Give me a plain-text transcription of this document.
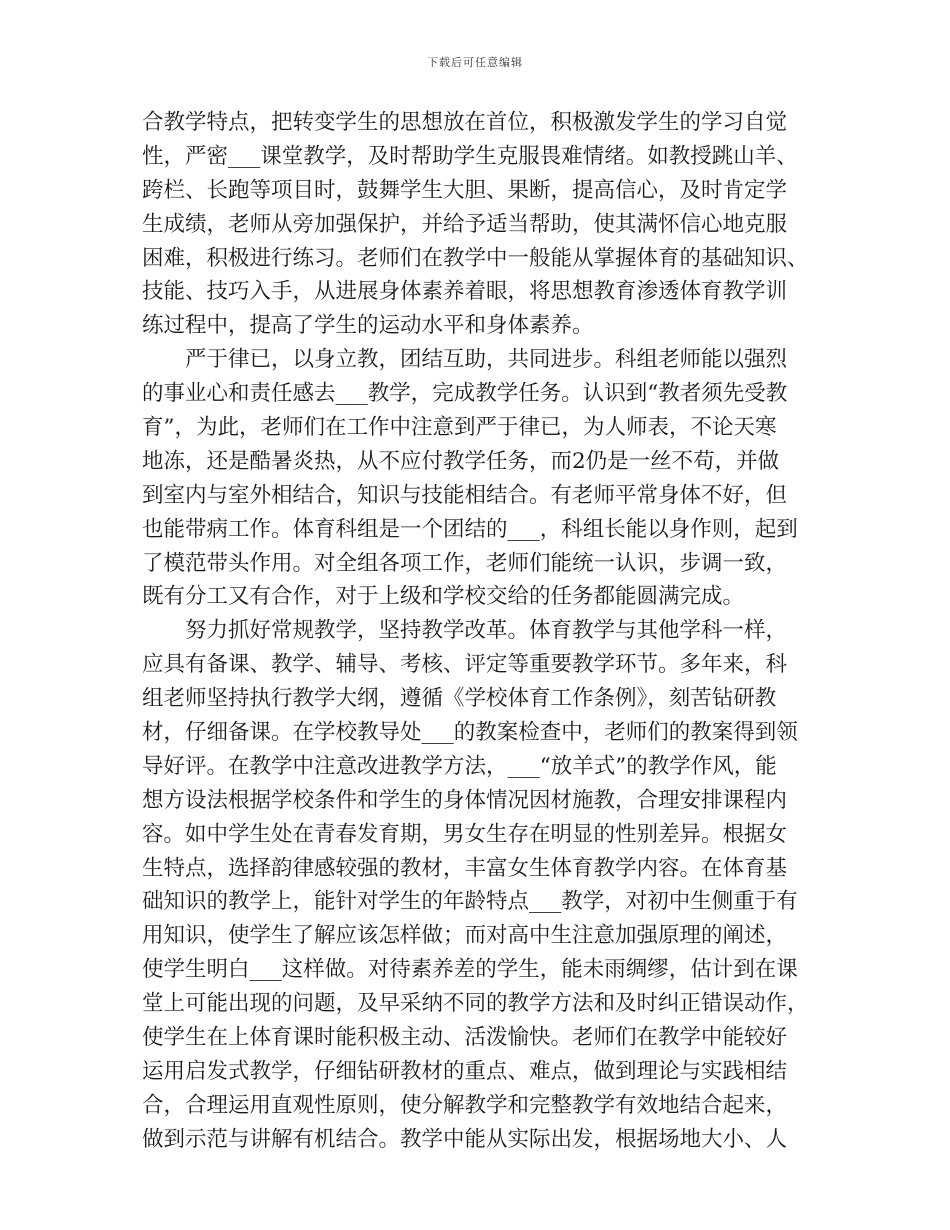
下载后可任意编辑
合教学特点，把转变学生的思想放在首位，积极激发学生的学习自觉
性，严密___课堂教学，及时帮助学生克服畏难情绪。如教授跳山羊、
跨栏、长跑等项目时，鼓舞学生大胆、果断，提高信心，及时肯定学
生成绩，老师从旁加强保护，并给予适当帮助，使其满怀信心地克服
困难，积极进行练习。老师们在教学中一般能从掌握体育的基础知识、
技能、技巧入手，从进展身体素养着眼，将思想教育渗透体育教学训
练过程中，提高了学生的运动水平和身体素养。
　　严于律已，以身立教，团结互助，共同进步。科组老师能以强烈
的事业心和责任感去___教学，完成教学任务。认识到“教者须先受教
育”，为此，老师们在工作中注意到严于律已，为人师表，不论天寒
地冻，还是酷暑炎热，从不应付教学任务，而2仍是一丝不苟，并做
到室内与室外相结合，知识与技能相结合。有老师平常身体不好，但
也能带病工作。体育科组是一个团结的___，科组长能以身作则，起到
了模范带头作用。对全组各项工作，老师们能统一认识，步调一致，
既有分工又有合作，对于上级和学校交给的任务都能圆满完成。
　　努力抓好常规教学，坚持教学改革。体育教学与其他学科一样，
应具有备课、教学、辅导、考核、评定等重要教学环节。多年来，科
组老师坚持执行教学大纲，遵循《学校体育工作条例》，刻苦钻研教
材，仔细备课。在学校教导处___的教案检查中，老师们的教案得到领
导好评。在教学中注意改进教学方法，___“放羊式”的教学作风，能
想方设法根据学校条件和学生的身体情况因材施教，合理安排课程内
容。如中学生处在青春发育期，男女生存在明显的性别差异。根据女
生特点，选择韵律感较强的教材，丰富女生体育教学内容。在体育基
础知识的教学上，能针对学生的年龄特点___教学，对初中生侧重于有
用知识，使学生了解应该怎样做；而对高中生注意加强原理的阐述，
使学生明白___这样做。对待素养差的学生，能未雨绸缪，估计到在课
堂上可能出现的问题，及早采纳不同的教学方法和及时纠正错误动作，
使学生在上体育课时能积极主动、活泼愉快。老师们在教学中能较好
运用启发式教学，仔细钻研教材的重点、难点，做到理论与实践相结
合，合理运用直观性原则，使分解教学和完整教学有效地结合起来，
做到示范与讲解有机结合。教学中能从实际出发，根据场地大小、人
